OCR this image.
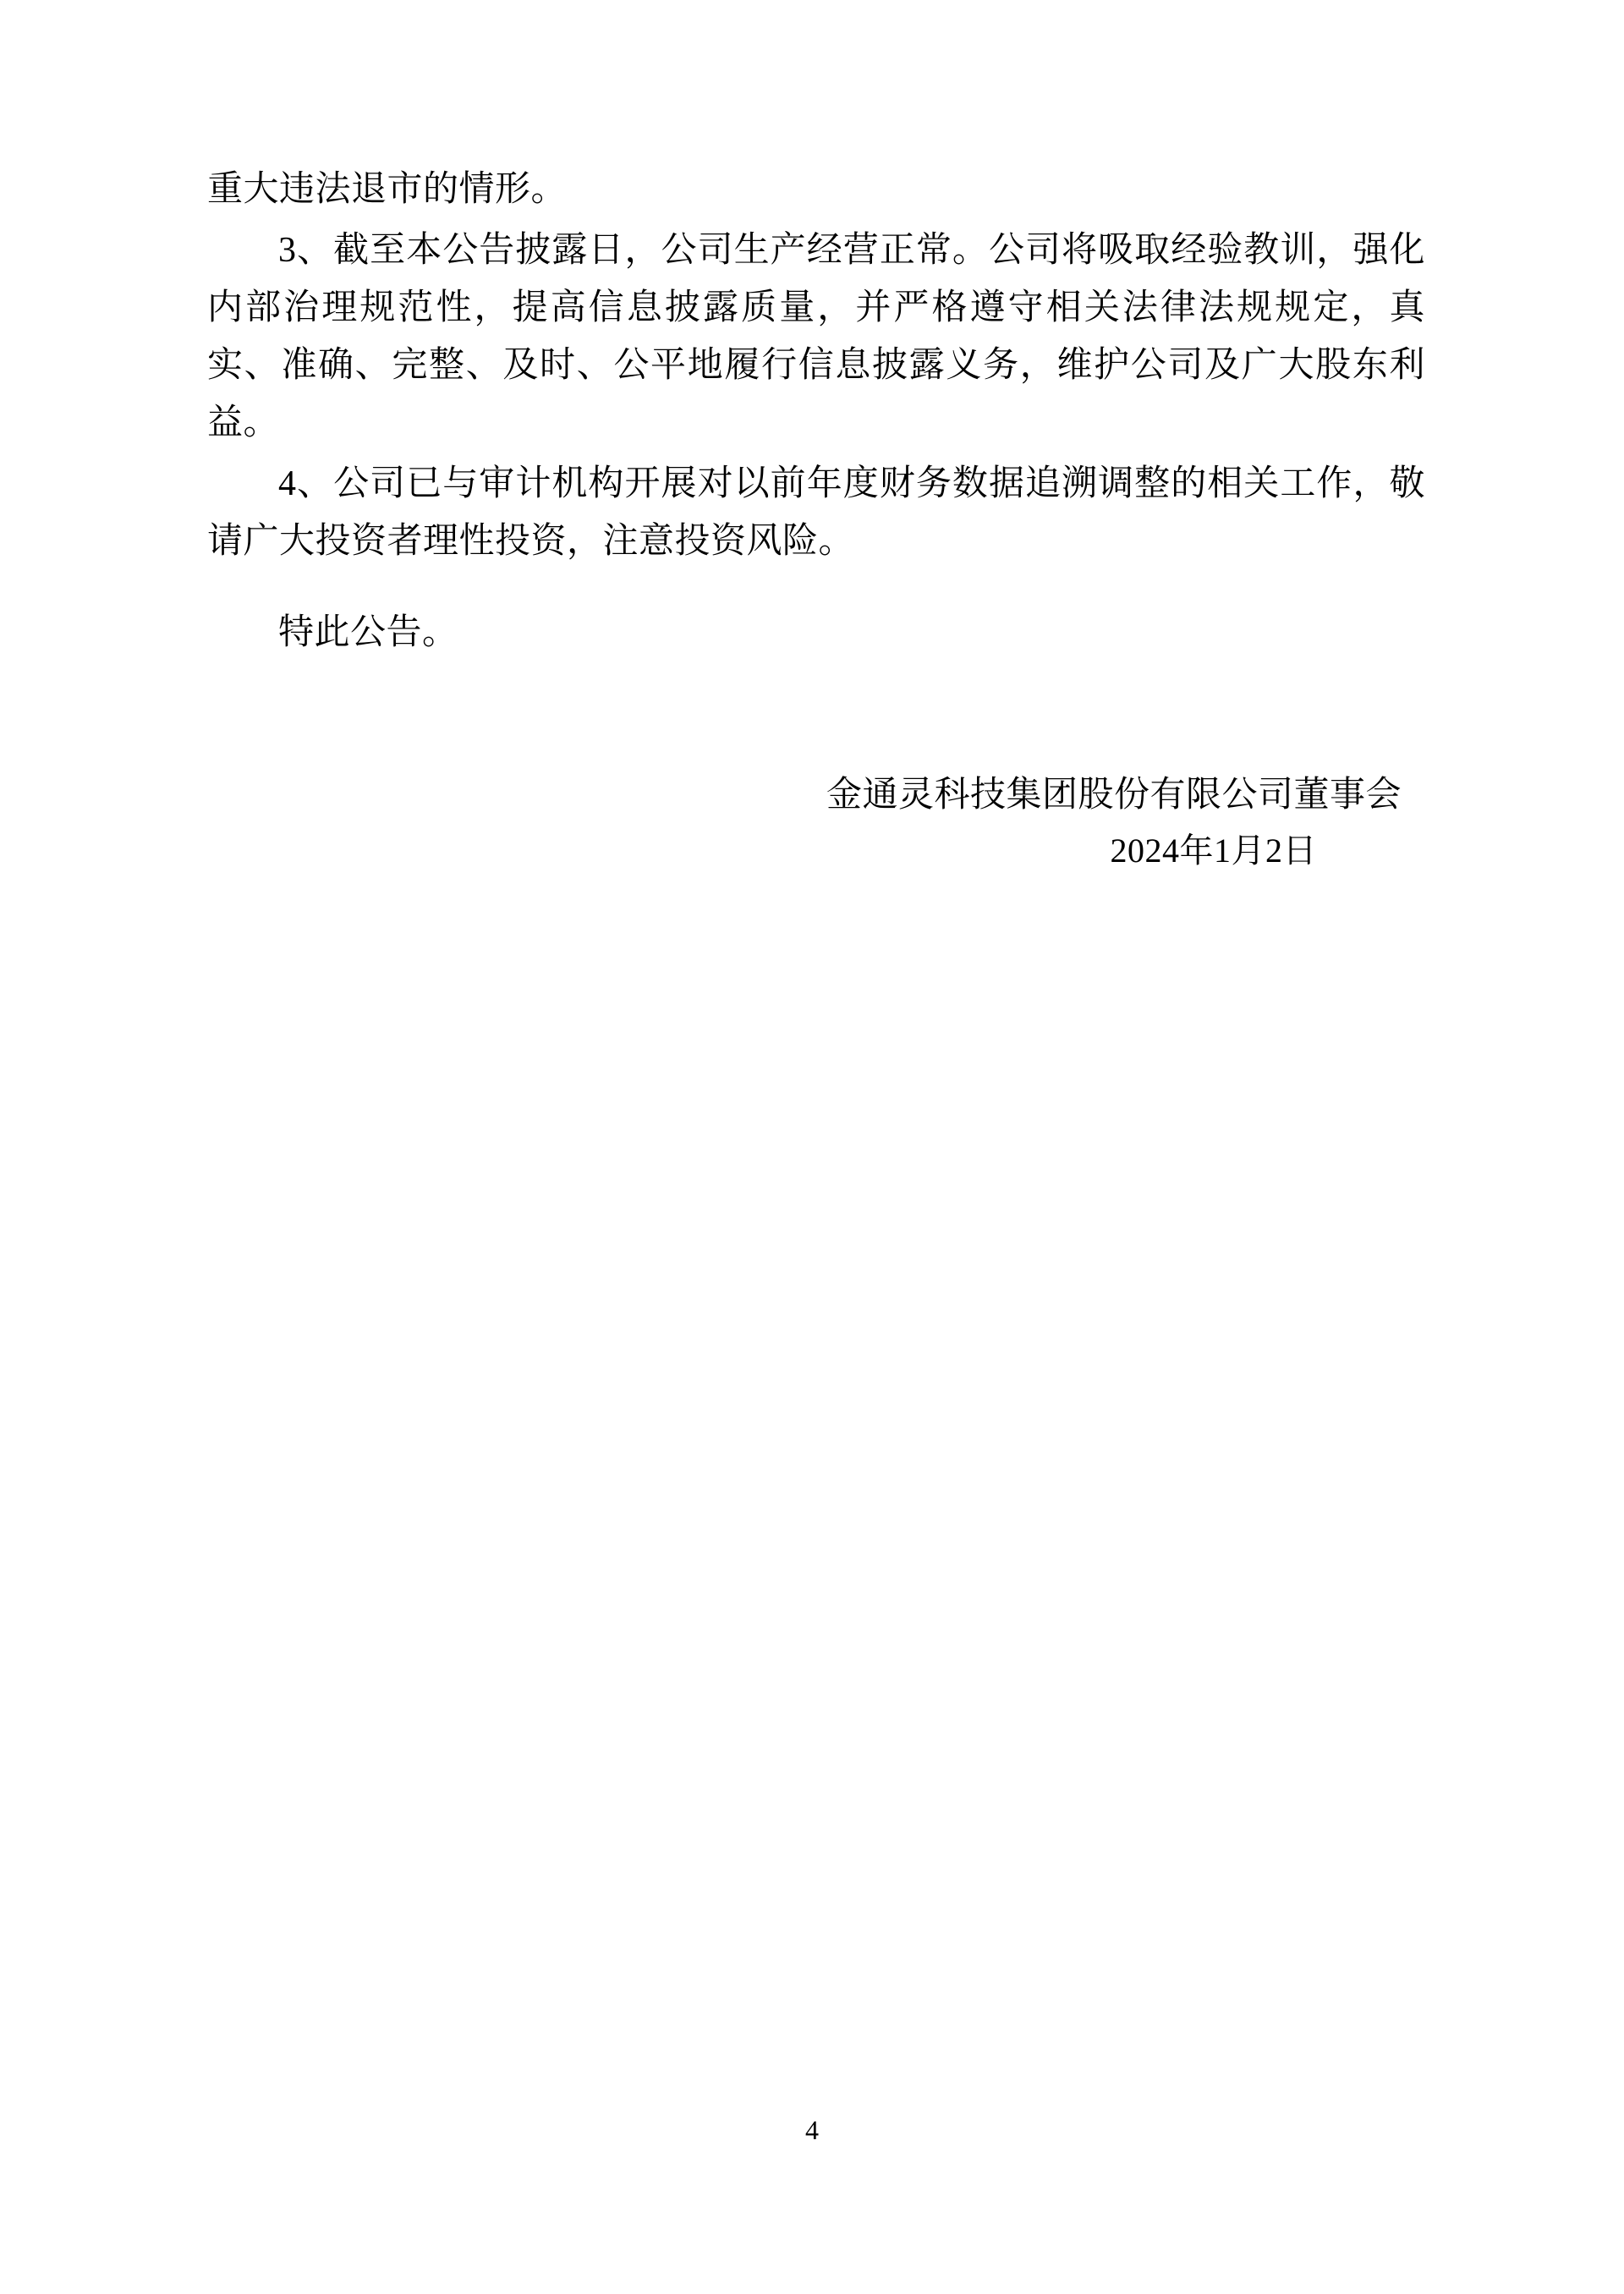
重大违法退市的情形。

3、截至本公告披露日，公司生产经营正常。公司将吸取经验教训，强化内部治理规范性，提高信息披露质量，并严格遵守相关法律法规规定，真实、准确、完整、及时、公平地履行信息披露义务，维护公司及广大股东利益。

4、公司已与审计机构开展对以前年度财务数据追溯调整的相关工作，敬请广大投资者理性投资，注意投资风险。

特此公告。

金通灵科技集团股份有限公司董事会
2024年1月2日
4
